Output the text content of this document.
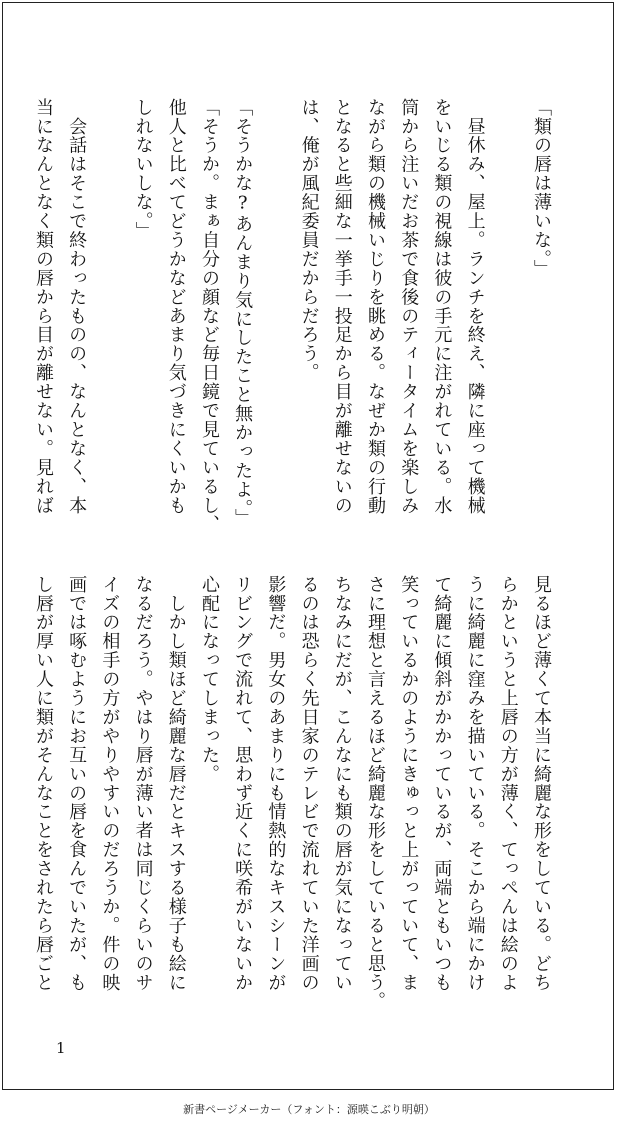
「類の唇は薄いな。」

　昼休み、屋上。ランチを終え、隣に座って機械
をいじる類の視線は彼の手元に注がれている。水
筒から注いだお茶で食後のティータイムを楽しみ
ながら類の機械いじりを眺める。なぜか類の行動
となると些細な一挙手一投足から目が離せないの
は、俺が風紀委員だからだろう。

「そうかな?あんまり気にしたこと無かったよ。」
「そうか。まぁ自分の顔など毎日鏡で見ているし、
他人と比べてどうかなどあまり気づきにくいかも
しれないしな。」

　会話はそこで終わったものの、なんとなく、本
当になんとなく類の唇から目が離せない。見れば
見るほど薄くて本当に綺麗な形をしている。どち
らかというと上唇の方が薄く、てっぺんは絵のよ
うに綺麗に窪みを描いている。そこから端にかけ
て綺麗に傾斜がかかっているが、両端ともいつも
笑っているかのようにきゅっと上がっていて、ま
さに理想と言えるほど綺麗な形をしていると思う。
ちなみにだが、こんなにも類の唇が気になってい
るのは恐らく先日家のテレビで流れていた洋画の
影響だ。男女のあまりにも情熱的なキスシーンが
リビングで流れて、思わず近くに咲希がいないか
心配になってしまった。
　しかし類ほど綺麗な唇だとキスする様子も絵に
なるだろう。やはり唇が薄い者は同じくらいのサ
イズの相手の方がやりやすいのだろうか。件の映
画では啄むようにお互いの唇を食んでいたが、も
し唇が厚い人に類がそんなことをされたら唇ごと
1
新書ページメーカー（フォント：源暎こぶり明朝）
